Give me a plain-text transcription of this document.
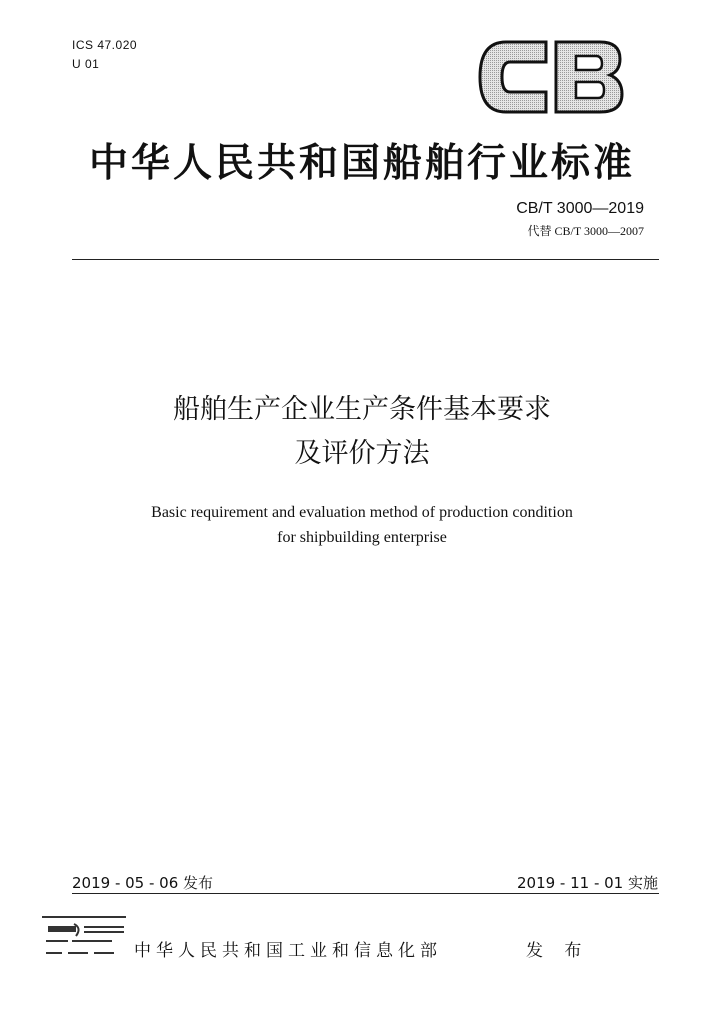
ICS 47.020
U 01
中华人民共和国船舶行业标准
CB/T 3000—2019
代替 CB/T 3000—2007
船舶生产企业生产条件基本要求
及评价方法
Basic requirement and evaluation method of production condition
for shipbuilding enterprise
2019 - 05 - 06 发布	2019 - 11 - 01 实施
中华人民共和国工业和信息化部	发 布
